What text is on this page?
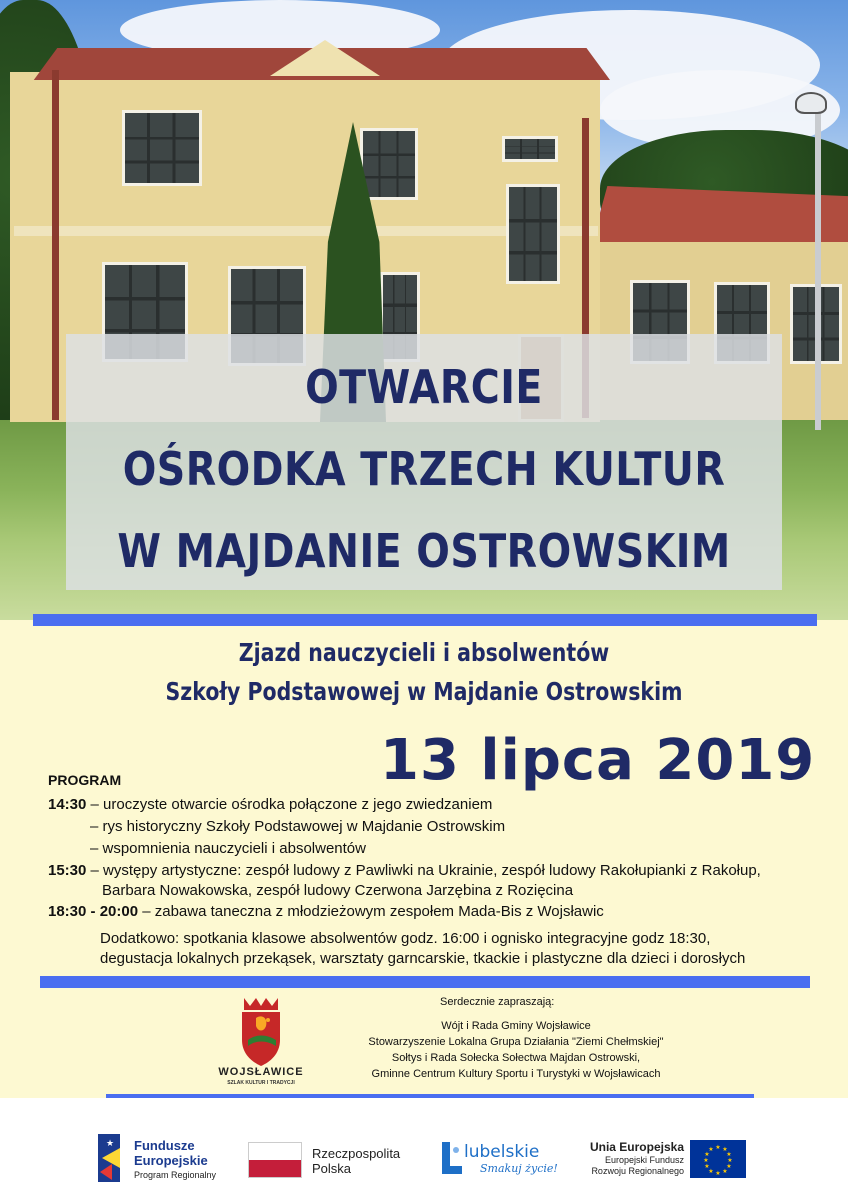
OTWARCIE
OŚRODKA TRZECH KULTUR
W MAJDANIE OSTROWSKIM
Zjazd nauczycieli i absolwentów
Szkoły Podstawowej w Majdanie Ostrowskim
13 lipca 2019
PROGRAM
14:30 – uroczyste otwarcie ośrodka połączone z jego zwiedzaniem
– rys historyczny Szkoły Podstawowej w Majdanie Ostrowskim
– wspomnienia nauczycieli i absolwentów
15:30 – występy artystyczne: zespół ludowy z Pawliwki na Ukrainie, zespół ludowy Rakołupianki z Rakołup,
Barbara Nowakowska, zespół ludowy Czerwona Jarzębina z Rozięcina
18:30 - 20:00 – zabawa taneczna z młodzieżowym zespołem Mada-Bis z Wojsławic
Dodatkowo: spotkania klasowe absolwentów godz. 16:00 i ognisko integracyjne godz 18:30,
degustacja lokalnych przekąsek, warsztaty garncarskie, tkackie i plastyczne dla dzieci i dorosłych
WOJSŁAWICE
SZLAK KULTUR I TRADYCJI
Serdecznie zapraszają:
Wójt i Rada Gminy Wojsławice
Stowarzyszenie Lokalna Grupa Działania "Ziemi Chełmskiej"
Sołtys i Rada Sołecka Sołectwa Majdan Ostrowski,
Gminne Centrum Kultury Sportu i Turystyki w Wojsławicach
★ Fundusze
Europejskie
Program Regionalny
Rzeczpospolita
Polska
lubelskie
Smakuj życie!
Unia Europejska
Europejski Fundusz
Rozwoju Regionalnego
★ ★
★
★
★
★
★
★
★
★
★
★
